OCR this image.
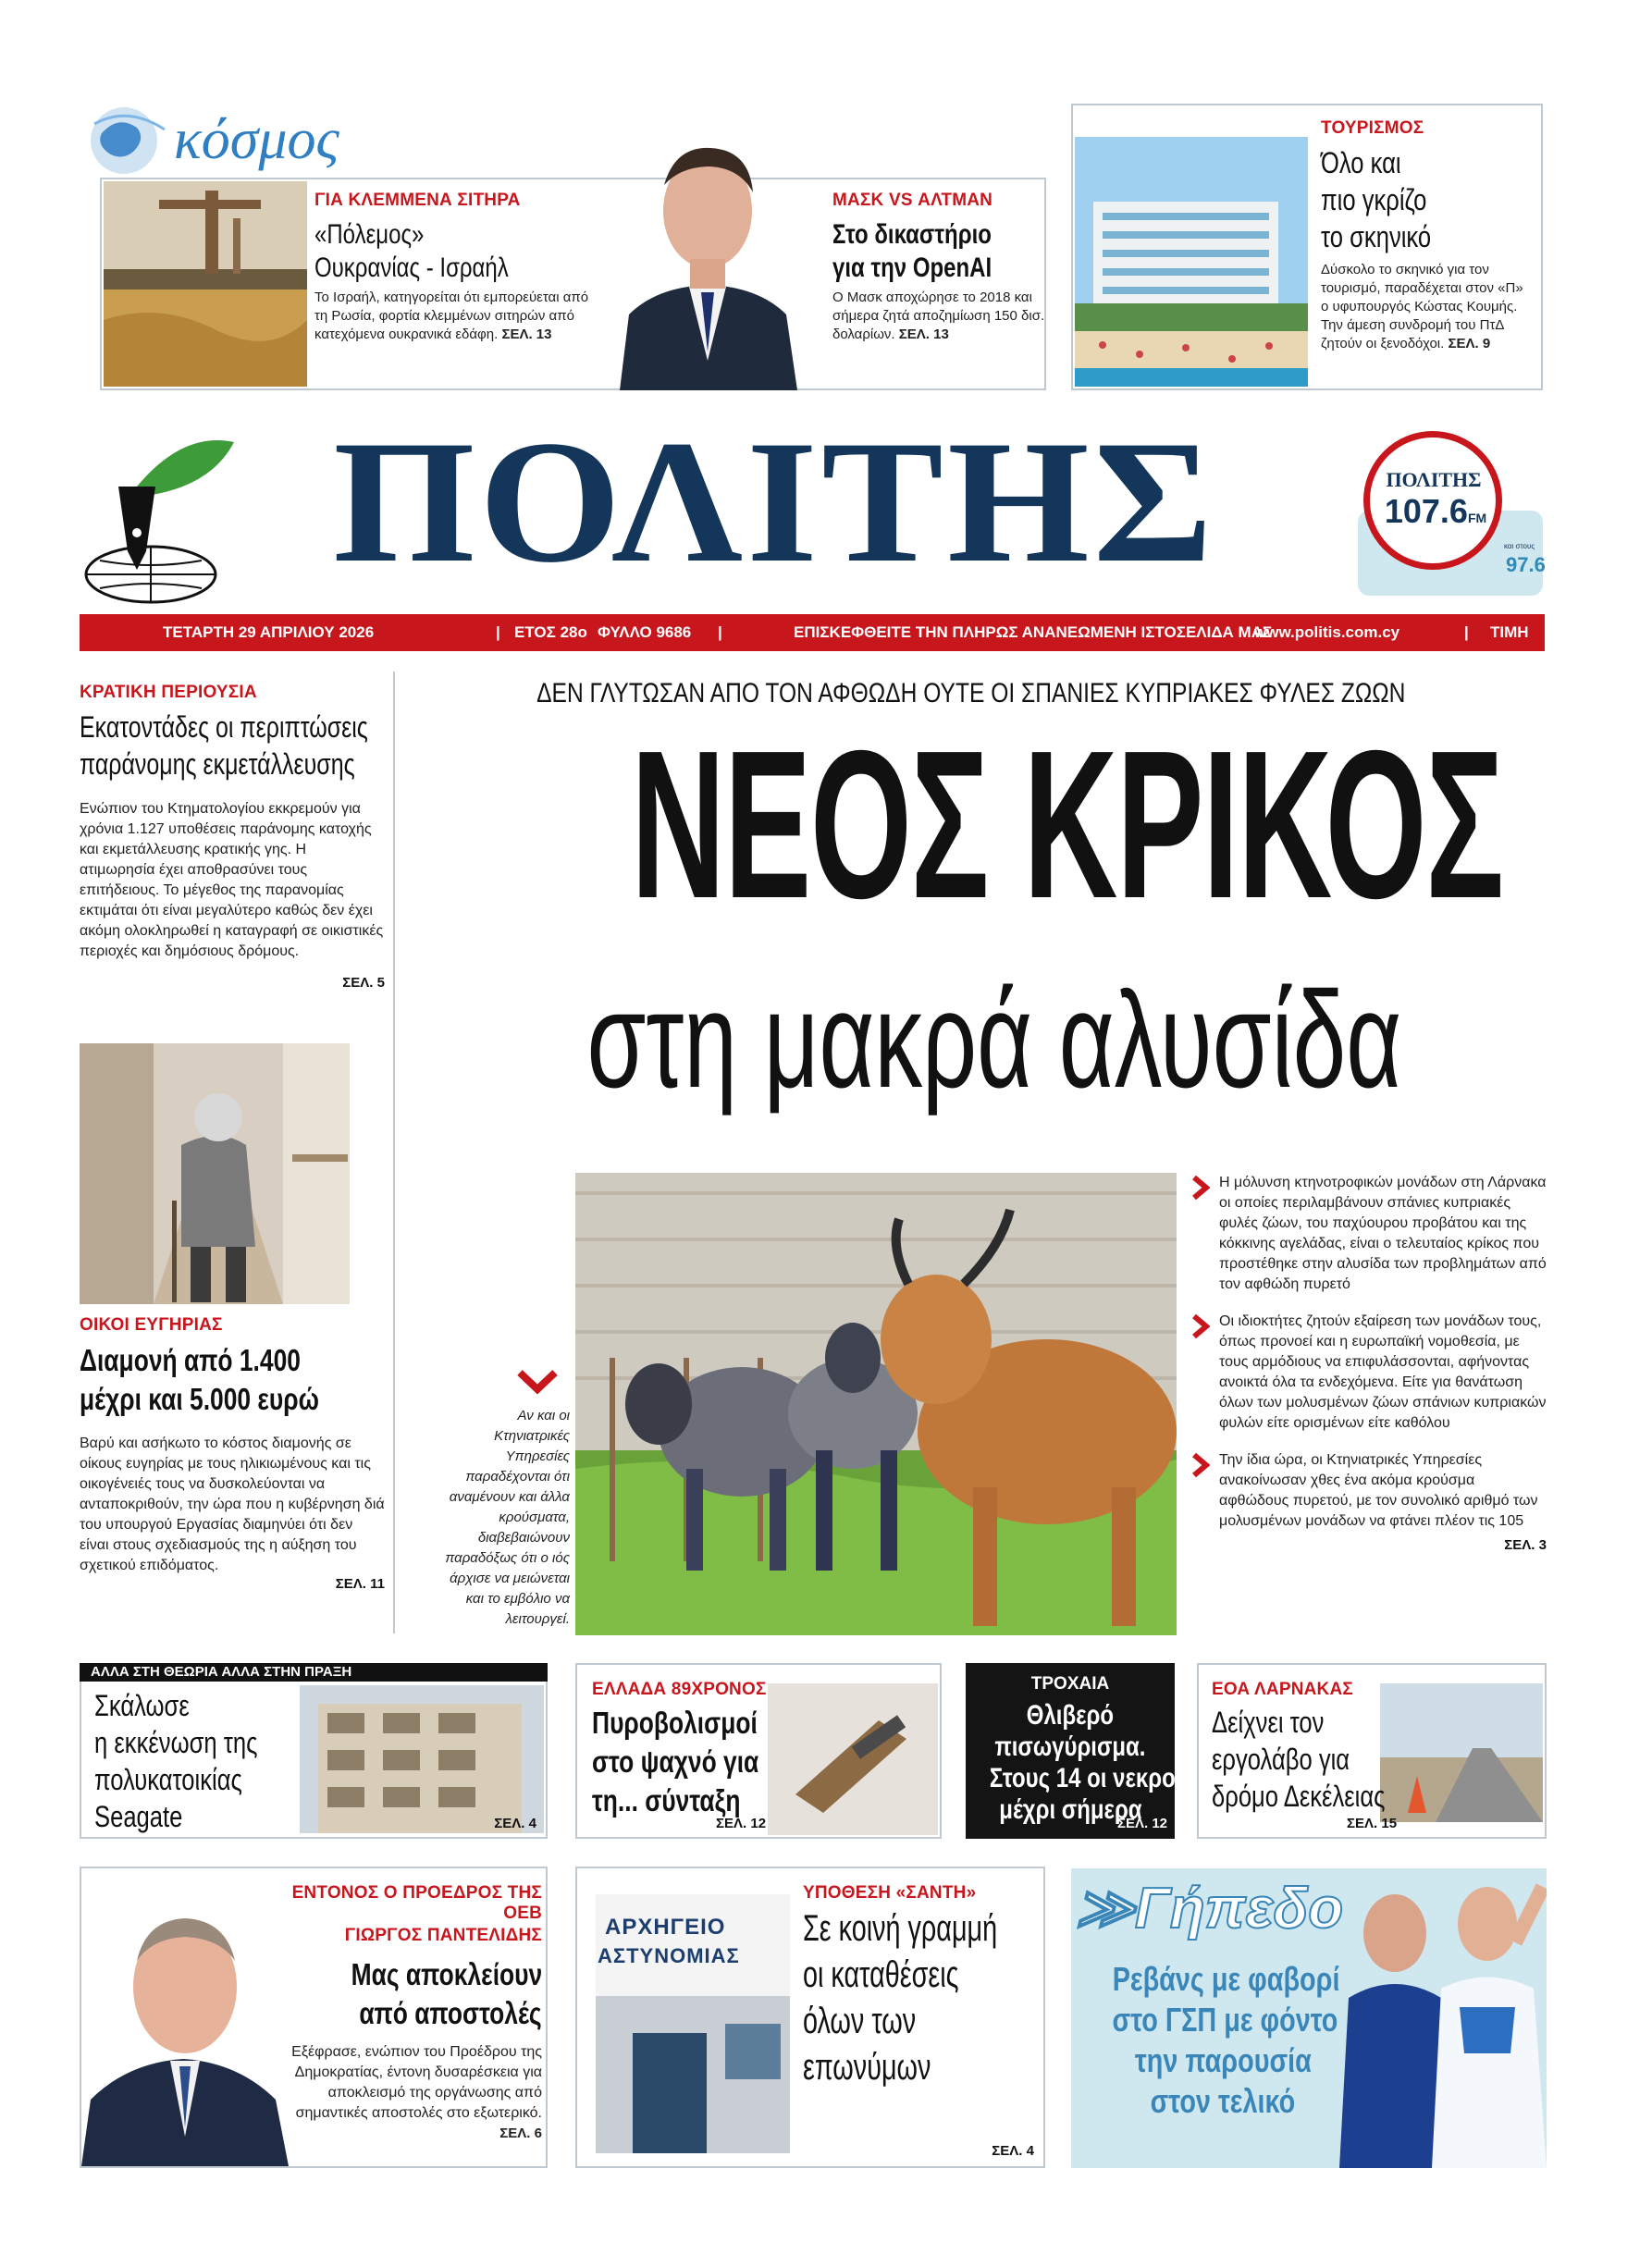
κόσμος
ΓΙΑ ΚΛΕΜΜΕΝΑ ΣΙΤΗΡΑ
«Πόλεμος»
Ουκρανίας - Ισραήλ
Το Ισραήλ, κατηγορείται ότι εμπορεύεται από τη Ρωσία, φορτία κλεμμένων σιτηρών από κατεχόμενα ουκρανικά εδάφη. ΣΕΛ. 13
ΜΑΣΚ VS ΑΛΤΜΑΝ
Στο δικαστήριο
για την OpenAI
Ο Μασκ αποχώρησε το 2018 και σήμερα ζητά αποζημίωση 150 δισ. δολαρίων. ΣΕΛ. 13
ΤΟΥΡΙΣΜΟΣ
Όλο και
πιο γκρίζο
το σκηνικό
Δύσκολο το σκηνικό για τον τουρισμό, παραδέχεται στον «Π» ο υφυπουργός Κώστας Κουμής. Την άμεση συνδρομή του ΠτΔ ζητούν οι ξενοδόχοι. ΣΕΛ. 9
ΠΟΛΙΤΗΣ	ΠΟΛΙΤΗΣ
107.6FM
και στους
97.6
ΤΕΤΑΡΤΗ 29 ΑΠΡΙΛΙΟΥ 2026	| ΕΤΟΣ 28ο ΦΥΛΛΟ 9686 |	ΕΠΙΣΚΕΦΘΕΙΤΕ ΤΗΝ ΠΛΗΡΩΣ ΑΝΑΝΕΩΜΕΝΗ ΙΣΤΟΣΕΛΙΔΑ ΜΑΣ
www.politis.com.cy	| ΤΙΜΗ €1,20
ΚΡΑΤΙΚΗ ΠΕΡΙΟΥΣΙΑ
Εκατοντάδες οι περιπτώσεις
παράνομης εκμετάλλευσης
Ενώπιον του Κτηματολογίου εκκρεμούν για χρόνια 1.127 υποθέσεις παράνομης κατοχής και εκμετάλλευσης κρατικής γης. Η ατιμωρησία έχει αποθρασύνει τους επιτήδειους. Το μέγεθος της παρανομίας εκτιμάται ότι είναι μεγαλύτερο καθώς δεν έχει ακόμη ολοκληρωθεί η καταγραφή σε οικιστικές περιοχές και δημόσιους δρόμους.
ΣΕΛ. 5
ΟΙΚΟΙ ΕΥΓΗΡΙΑΣ
Διαμονή από 1.400
μέχρι και 5.000 ευρώ
Βαρύ και ασήκωτο το κόστος διαμονής σε οίκους ευγηρίας με τους ηλικιωμένους και τις οικογένειές τους να δυσκολεύονται να ανταποκριθούν, την ώρα που η κυβέρνηση διά του υπουργού Εργασίας διαμηνύει ότι δεν είναι στους σχεδιασμούς της η αύξηση του σχετικού επιδόματος.
ΣΕΛ. 11
ΔΕΝ ΓΛΥΤΩΣΑΝ ΑΠΟ ΤΟΝ ΑΦΘΩΔΗ ΟΥΤΕ ΟΙ ΣΠΑΝΙΕΣ ΚΥΠΡΙΑΚΕΣ ΦΥΛΕΣ ΖΩΩΝ
ΝΕΟΣ ΚΡΙΚΟΣ
στη μακρά αλυσίδα
Αν και οι Κτηνιατρικές Υπηρεσίες παραδέχονται ότι αναμένουν και άλλα κρούσματα, διαβεβαιώνουν παραδόξως ότι ο ιός άρχισε να μειώνεται και το εμβόλιο να λειτουργεί.
Η μόλυνση κτηνοτροφικών μονάδων στη Λάρνακα οι οποίες περιλαμβάνουν σπάνιες κυπριακές φυλές ζώων, του παχύουρου προβάτου και της κόκκινης αγελάδας, είναι ο τελευταίος κρίκος που προστέθηκε στην αλυσίδα των προβλημάτων από τον αφθώδη πυρετό
Οι ιδιοκτήτες ζητούν εξαίρεση των μονάδων τους, όπως προνοεί και η ευρωπαϊκή νομοθεσία, με τους αρμόδιους να επιφυλάσσονται, αφήνοντας ανοικτά όλα τα ενδεχόμενα. Είτε για θανάτωση όλων των μολυσμένων ζώων σπάνιων κυπριακών φυλών είτε ορισμένων είτε καθόλου
Την ίδια ώρα, οι Κτηνιατρικές Υπηρεσίες ανακοίνωσαν χθες ένα ακόμα κρούσμα αφθώδους πυρετού, με τον συνολικό αριθμό των μολυσμένων μονάδων να φτάνει πλέον τις 105
ΣΕΛ. 3
ΑΛΛΑ ΣΤΗ ΘΕΩΡΙΑ ΑΛΛΑ ΣΤΗΝ ΠΡΑΞΗ
Σκάλωσε
η εκκένωση της
πολυκατοικίας
Seagate	ΣΕΛ. 4
ΕΛΛΑΔΑ 89ΧΡΟΝΟΣ
Πυροβολισμοί
στο ψαχνό για
τη... σύνταξη
ΣΕΛ. 12
ΤΡΟΧΑΙΑ
Θλιβερό
πισωγύρισμα.
Στους 14 οι νεκροί
μέχρι σήμερα
ΣΕΛ. 12
ΕΟΑ ΛΑΡΝΑΚΑΣ
Δείχνει τον
εργολάβο για
δρόμο Δεκέλειας
ΣΕΛ. 15
ΕΝΤΟΝΟΣ Ο ΠΡΟΕΔΡΟΣ ΤΗΣ ΟΕΒ
ΓΙΩΡΓΟΣ ΠΑΝΤΕΛΙΔΗΣ
Μας αποκλείουν
από αποστολές
Εξέφρασε, ενώπιον του Προέδρου της Δημοκρατίας, έντονη δυσαρέσκεια για αποκλεισμό της οργάνωσης από σημαντικές αποστολές στο εξωτερικό. ΣΕΛ. 6
ΑΡΧΗΓΕΙΟ
ΑΣΤΥΝΟΜΙΑΣ
ΥΠΟΘΕΣΗ «ΣΑΝΤΗ»
Σε κοινή γραμμή
οι καταθέσεις
όλων των
επωνύμων
ΣΕΛ. 4
≫Γήπεδο
Ρεβάνς με φαβορί
στο ΓΣΠ με φόντο
την παρουσία
στον τελικό
